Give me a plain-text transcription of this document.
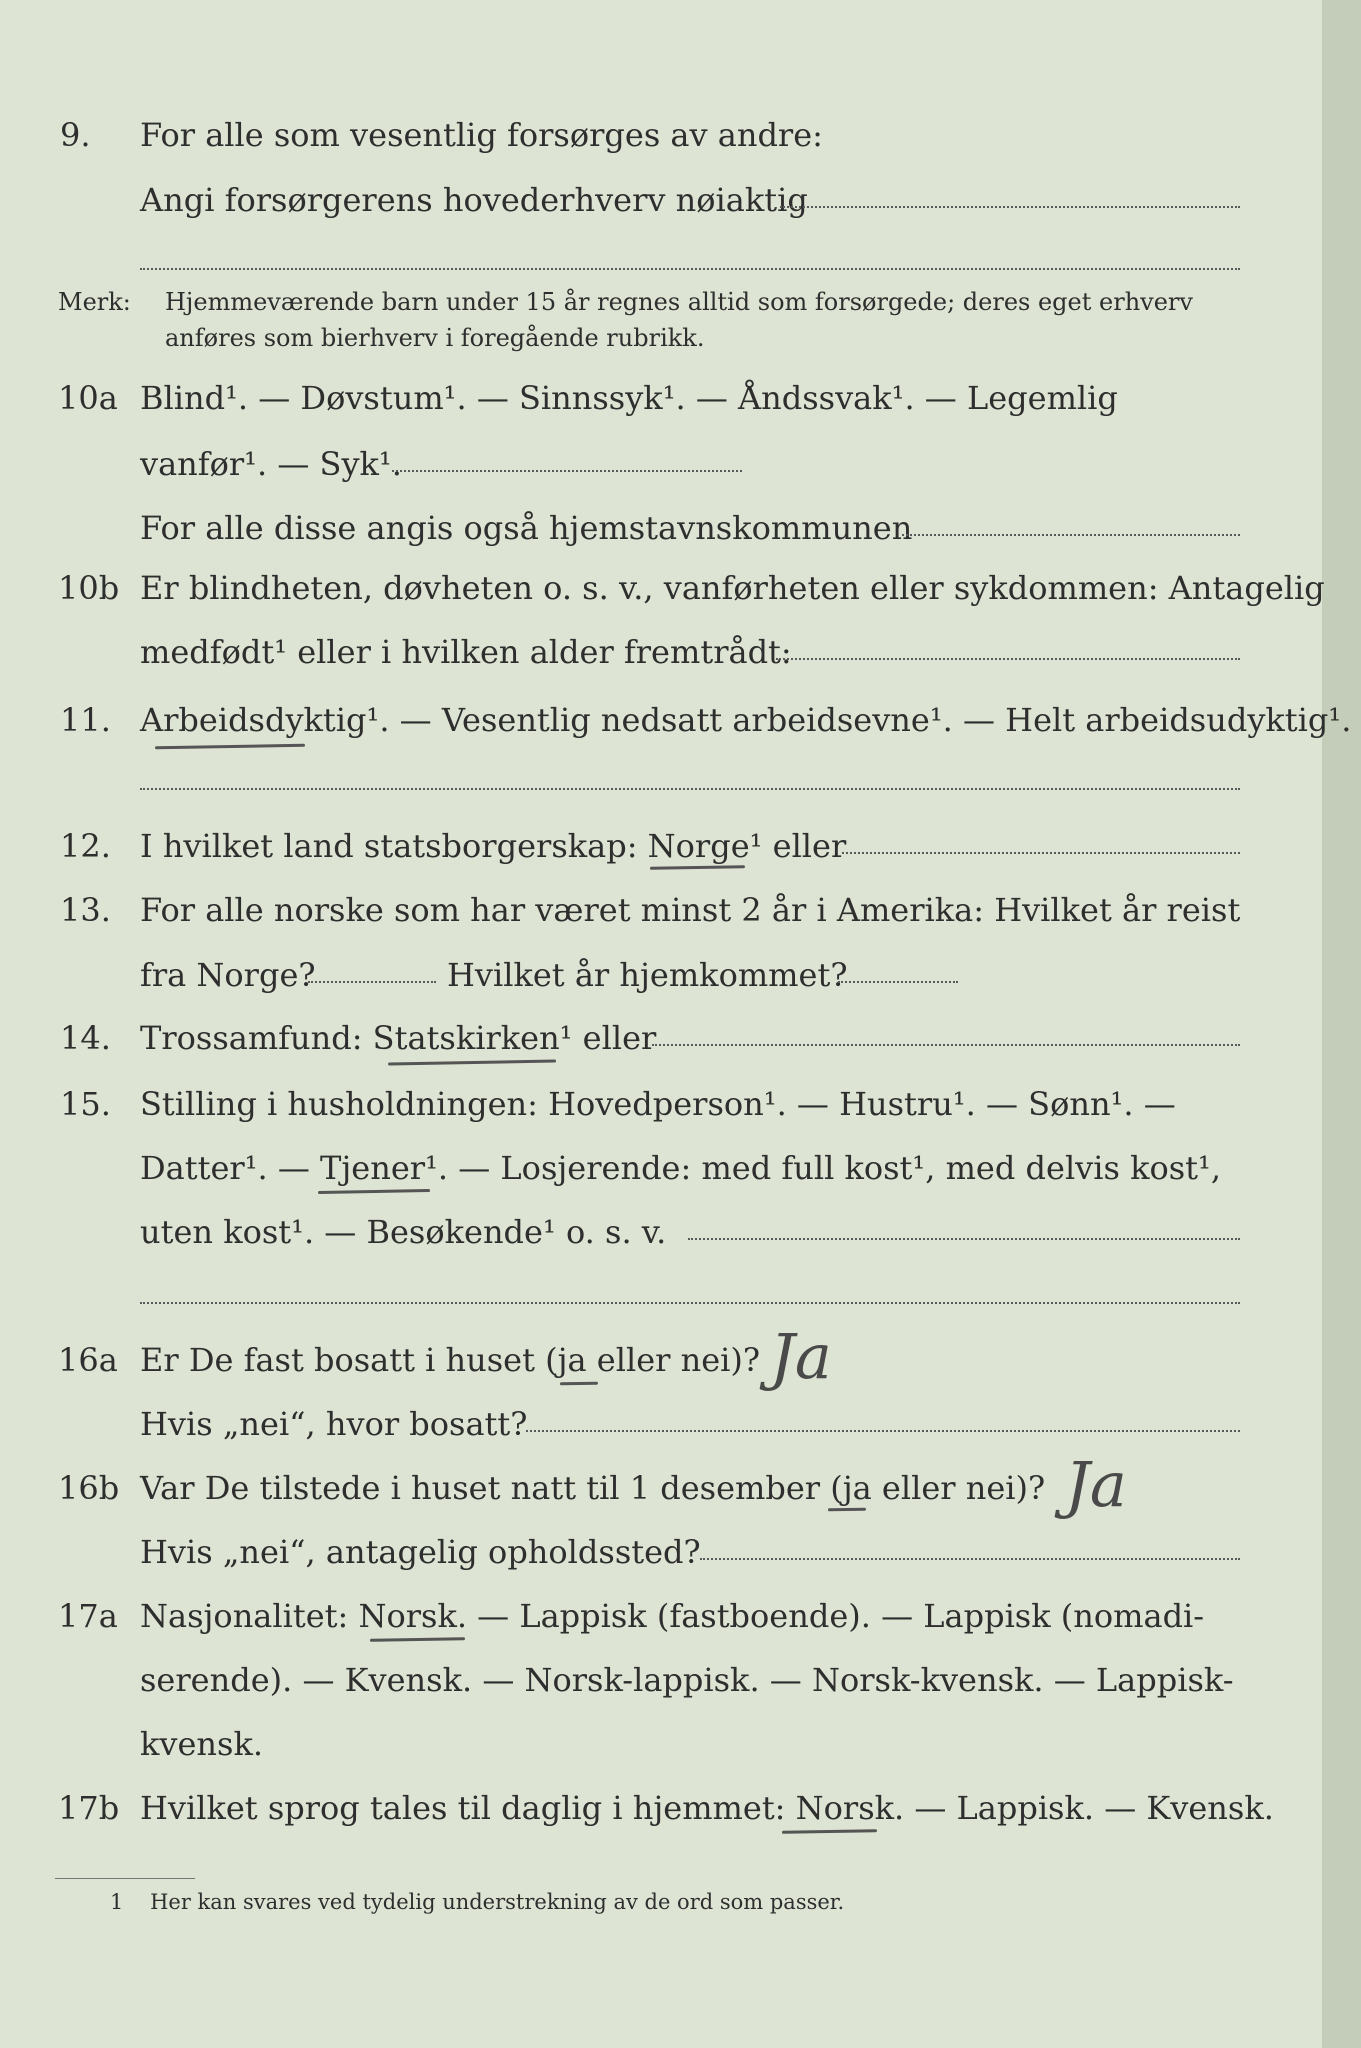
9. For alle som vesentlig forsørges av andre:
Angi forsørgerens hovederhverv nøiaktig
Merk: Hjemmeværende barn under 15 år regnes alltid som forsørgede; deres eget erhverv
anføres som bierhverv i foregående rubrikk.
10a Blind¹. — Døvstum¹. — Sinnssyk¹. — Åndssvak¹. — Legemlig
vanfør¹. — Syk¹.
For alle disse angis også hjemstavnskommunen
10b Er blindheten, døvheten o. s. v., vanførheten eller sykdommen: Antagelig
medfødt¹ eller i hvilken alder fremtrådt:
11. Arbeidsdyktig¹. — Vesentlig nedsatt arbeidsevne¹. — Helt arbeidsudyktig¹.
12. I hvilket land statsborgerskap: Norge¹ eller
13. For alle norske som har været minst 2 år i Amerika: Hvilket år reist
fra Norge?	Hvilket år hjemkommet?
14. Trossamfund: Statskirken¹ eller
15. Stilling i husholdningen: Hovedperson¹. — Hustru¹. — Sønn¹. —
Datter¹. — Tjener¹. — Losjerende: med full kost¹, med delvis kost¹,
uten kost¹. — Besøkende¹ o. s. v.
16a Er De fast bosatt i huset (ja eller nei)? Ja
Hvis „nei“, hvor bosatt?
16b Var De tilstede i huset natt til 1 desember (ja eller nei)? Ja
Hvis „nei“, antagelig opholdssted?
17a Nasjonalitet: Norsk. — Lappisk (fastboende). — Lappisk (nomadi-
serende). — Kvensk. — Norsk-lappisk. — Norsk-kvensk. — Lappisk-
kvensk.
17b Hvilket sprog tales til daglig i hjemmet: Norsk. — Lappisk. — Kvensk.
1 Her kan svares ved tydelig understrekning av de ord som passer.
